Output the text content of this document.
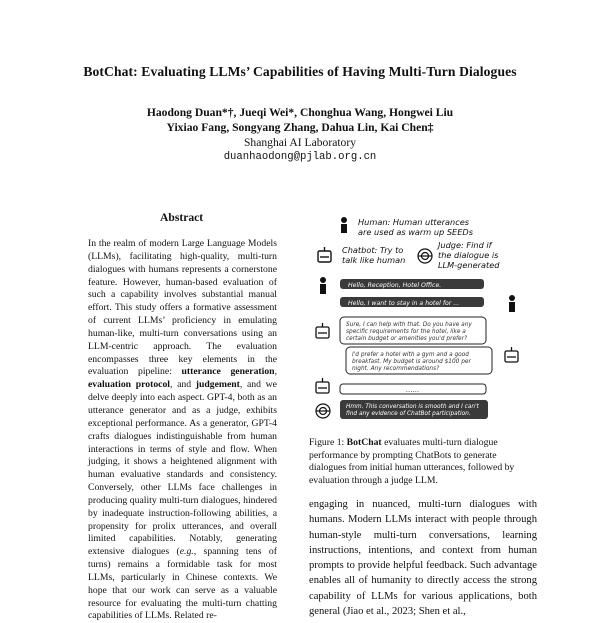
BotChat: Evaluating LLMs’ Capabilities of Having Multi-Turn Dialogues
Haodong Duan*†, Jueqi Wei*, Chonghua Wang, Hongwei Liu
Yixiao Fang, Songyang Zhang, Dahua Lin, Kai Chen‡
Shanghai AI Laboratory
duanhaodong@pjlab.org.cn
Abstract
In the realm of modern Large Language Models (LLMs), facilitating high-quality, multi-turn dialogues with humans represents a cornerstone feature. However, human-based evaluation of such a capability involves substantial manual effort. This study offers a formative assessment of current LLMs’ proficiency in emulating human-like, multi-turn conversations using an LLM-centric approach. The evaluation encompasses three key elements in the evaluation pipeline: utterance generation, evaluation protocol, and judgement, and we delve deeply into each aspect. GPT-4, both as an utterance generator and as a judge, exhibits exceptional performance. As a generator, GPT-4 crafts dialogues indistinguishable from human interactions in terms of style and flow. When judging, it shows a heightened alignment with human evaluative standards and consistency. Conversely, other LLMs face challenges in producing quality multi-turn dialogues, hindered by inadequate instruction-following abilities, a propensity for prolix utterances, and overall limited capabilities. Notably, generating extensive dialogues (e.g., spanning tens of turns) remains a formidable task for most LLMs, particularly in Chinese contexts. We hope that our work can serve as a valuable resource for evaluating the multi-turn chatting capabilities of LLMs. Related re-
Human: Human utterances
are used as warm up SEEDs
Chatbot: Try to
talk like human
Judge: Find if
the dialogue is
LLM-generated
Hello, Reception, Hotel Office.
Hello, I want to stay in a hotel for ...
Sure, I can help with that. Do you have any
specific requirements for the hotel, like a
certain budget or amenities you'd prefer?
I'd prefer a hotel with a gym and a good
breakfast. My budget is around $100 per
night. Any recommendations?
......
Hmm. This conversation is smooth and I can't
find any evidence of ChatBot participation.
Figure 1: BotChat evaluates multi-turn dialogue performance by prompting ChatBots to generate dialogues from initial human utterances, followed by evaluation through a judge LLM.
engaging in nuanced, multi-turn dialogues with humans. Modern LLMs interact with people through human-style multi-turn conversations, learning instructions, intentions, and context from human prompts to provide helpful feedback. Such advantage enables all of humanity to directly access the strong capability of LLMs for various applications, both general (Jiao et al., 2023; Shen et al.,
